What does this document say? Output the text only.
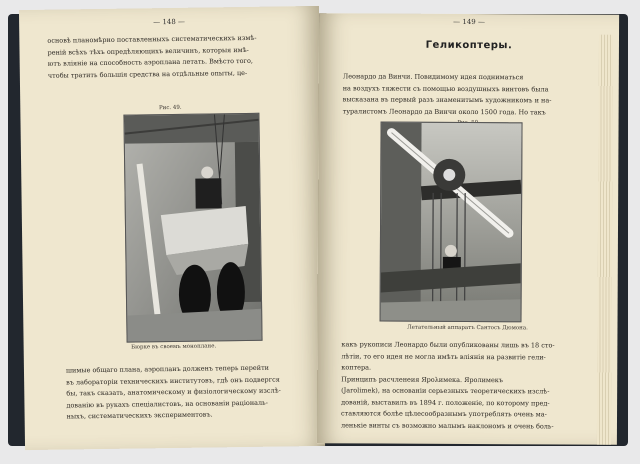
— 148 —
основѣ планомѣрно поставленныхъ систематическихъ измѣ-
реній всѣхъ тѣхъ опредѣляющихъ величинъ, которыя имѣ-
ютъ вліяніе на способность аэроплана летать. Вмѣсто того,
чтобы тратить большія средства на отдѣльные опыты, це-
Рис. 49.
Бюрке въ своемъ моноплане.
шимые общаго плана, аэропланъ долженъ теперь перейти
въ лабораторіи техническихъ институтовъ, гдѣ онъ подвергся
бы, такъ сказать, анатомическому и физіологическому изслѣ-
дованію въ рукахъ спеціалистовъ, на основаніи раціональ-
ныхъ, систематическихъ экспериментовъ.
— 149 —
Геликоптеры.
Леонардо да Винчи. Повидимому идея подниматься
на воздухъ тяжести съ помощью воздушныхъ винтовъ была
высказана въ первый разъ знаменитымъ художникомъ и на-
туралистомъ Леонардо да Винчи около 1500 года. Но такъ
Летательный аппаратъ Сантосъ Дюмона.
какъ рукописи Леонардо были опубликованы лишь въ 18 сто-
лѣтіи, то его идея не могла имѣть вліянія на развитіе гели-
коптера.
Принципъ расчленеия Ярολимека. Яролимекъ
(Jarolimek), на основаніи серьезныхъ теоретическихъ изслѣ-
дованій, выставилъ въ 1894 г. положеніе, по которому пред-
ставляются болѣе цѣлесообразнымъ употреблять очень ма-
ленькіе винты съ возможно малымъ наклономъ и очень боль-
